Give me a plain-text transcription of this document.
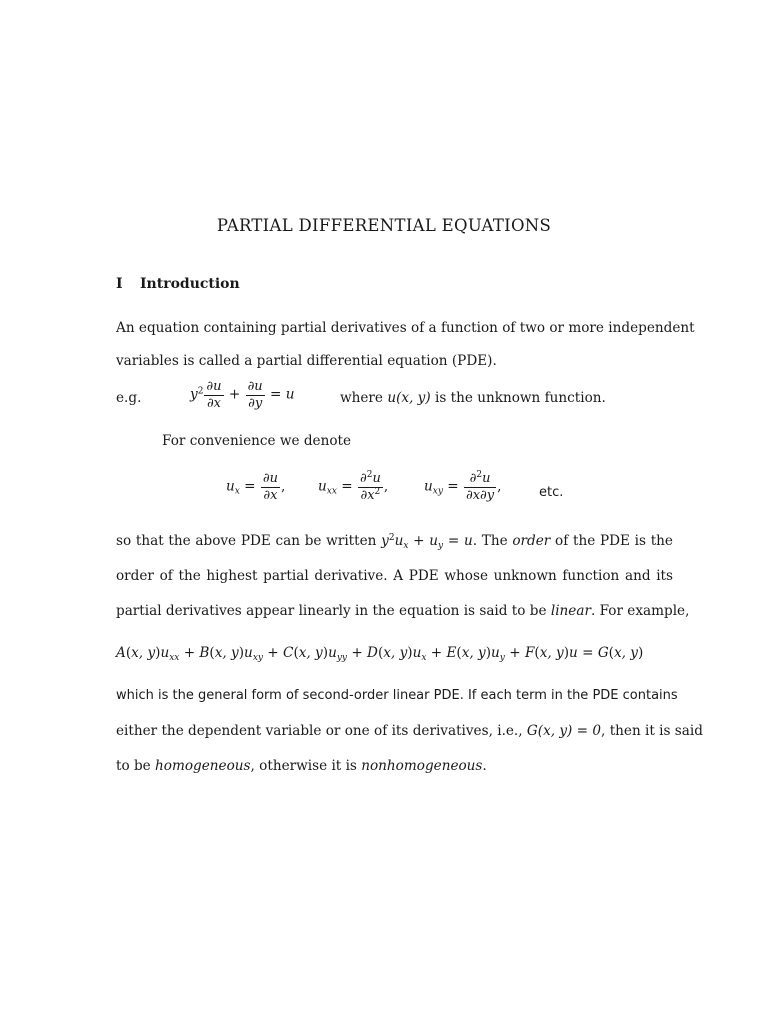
PARTIAL DIFFERENTIAL EQUATIONS
I Introduction
An equation containing partial derivatives of a function of two or more independent
variables is called a partial differential equation (PDE).
e.g.	$y^2 \frac{\partial u}{\partial x} + \frac{\partial u}{\partial y} = u$	where u(x, y) is the unknown function.
For convenience we denote
$u_x = \frac{\partial u}{\partial x}$ , $u_{xx} = \frac{\partial^2u}{\partial x^2}$ ,	$u_{xy} = \frac{\partial^2u}{\partial x\partial y}$ ,	etc.
so that the above PDE can be written $y^2u_x + u_y = u$. The order of the PDE is the
order of the highest partial derivative. A PDE whose unknown function and its
partial derivatives appear linearly in the equation is said to be linear. For example,
A(x, $y)u_{xx} + B(x$, $y)u_{xy} + C(x$, $y)u_{yy} + D(x$, $y)u_x + E(x$, $y)u_y + F(x$, y)u = G(x, y)
which is the general form of second-order linear PDE. If each term in the PDE contains
either the dependent variable or one of its derivatives, i.e., G(x, y) = 0, then it is said
to be homogeneous, otherwise it is nonhomogeneous.
